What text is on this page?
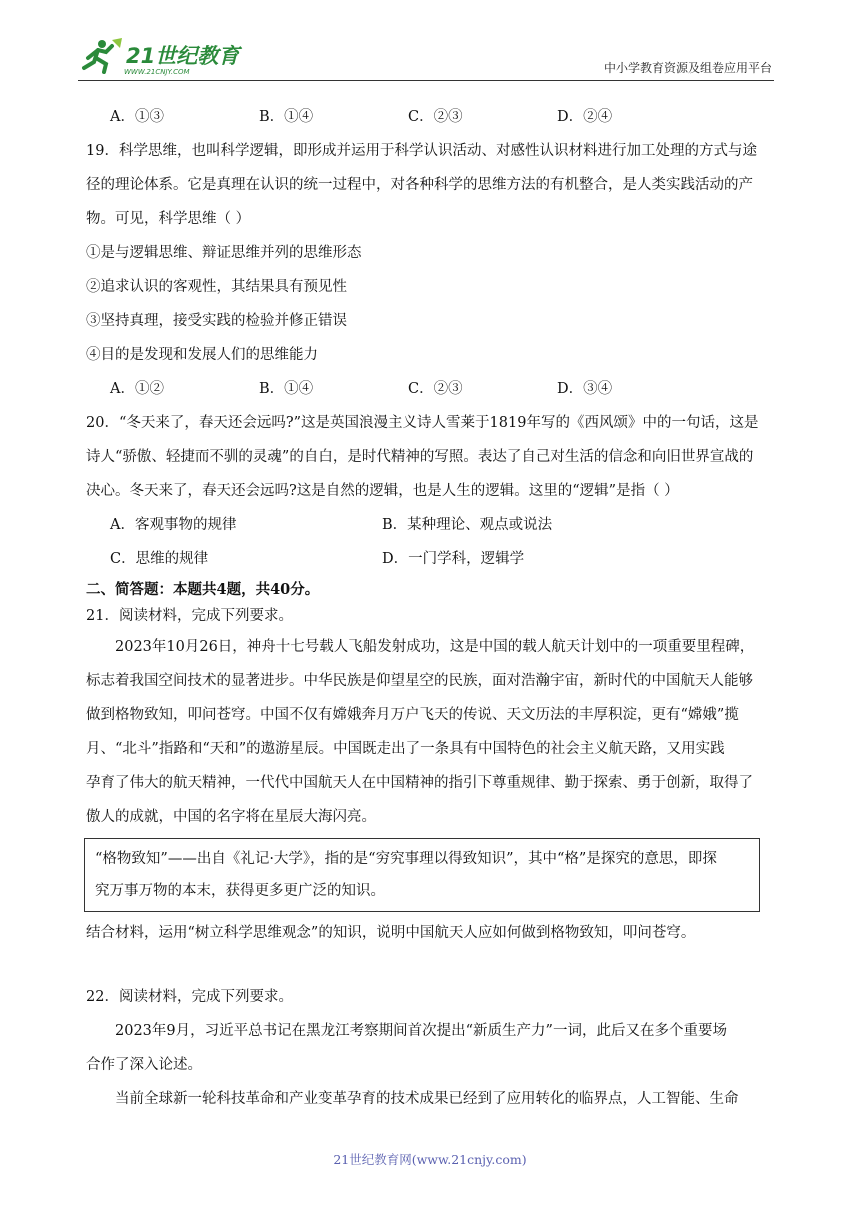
21世纪教育
WWW.21CNJY.COM	中小学教育资源及组卷应用平台
A．①③	B．①④	C．②③	D．②④

19．科学思维，也叫科学逻辑，即形成并运用于科学认识活动、对感性认识材料进行加工处理的方式与途

径的理论体系。它是真理在认识的统一过程中，对各种科学的思维方法的有机整合，是人类实践活动的产

物。可见，科学思维（ ）

①是与逻辑思维、辩证思维并列的思维形态

②追求认识的客观性，其结果具有预见性

③坚持真理，接受实践的检验并修正错误

④目的是发现和发展人们的思维能力

A．①②	B．①④	C．②③	D．③④

20．“冬天来了，春天还会远吗?”这是英国浪漫主义诗人雪莱于1819年写的《西风颂》中的一句话，这是

诗人“骄傲、轻捷而不驯的灵魂”的自白，是时代精神的写照。表达了自己对生活的信念和向旧世界宣战的

决心。冬天来了，春天还会远吗?这是自然的逻辑，也是人生的逻辑。这里的“逻辑”是指（ ）

A．客观事物的规律	B．某种理论、观点或说法
C．思维的规律	D．一门学科，逻辑学

二、简答题：本题共4题，共40分。

21．阅读材料，完成下列要求。

2023年10月26日，神舟十七号载人飞船发射成功，这是中国的载人航天计划中的一项重要里程碑，

标志着我国空间技术的显著进步。中华民族是仰望星空的民族，面对浩瀚宇宙，新时代的中国航天人能够

做到格物致知，叩问苍穹。中国不仅有嫦娥奔月万户飞天的传说、天文历法的丰厚积淀，更有“嫦娥”揽

月、“北斗”指路和“天和”的遨游星辰。中国既走出了一条具有中国特色的社会主义航天路，又用实践

孕育了伟大的航天精神，一代代中国航天人在中国精神的指引下尊重规律、勤于探索、勇于创新，取得了

傲人的成就，中国的名字将在星辰大海闪亮。

“格物致知”——出自《礼记·大学》，指的是“穷究事理以得致知识”，其中“格”是探究的意思，即探

究万事万物的本末，获得更多更广泛的知识。

结合材料，运用“树立科学思维观念”的知识，说明中国航天人应如何做到格物致知，叩问苍穹。

22．阅读材料，完成下列要求。

2023年9月，习近平总书记在黑龙江考察期间首次提出“新质生产力”一词，此后又在多个重要场

合作了深入论述。

当前全球新一轮科技革命和产业变革孕育的技术成果已经到了应用转化的临界点，人工智能、生命

21世纪教育网(www.21cnjy.com)
